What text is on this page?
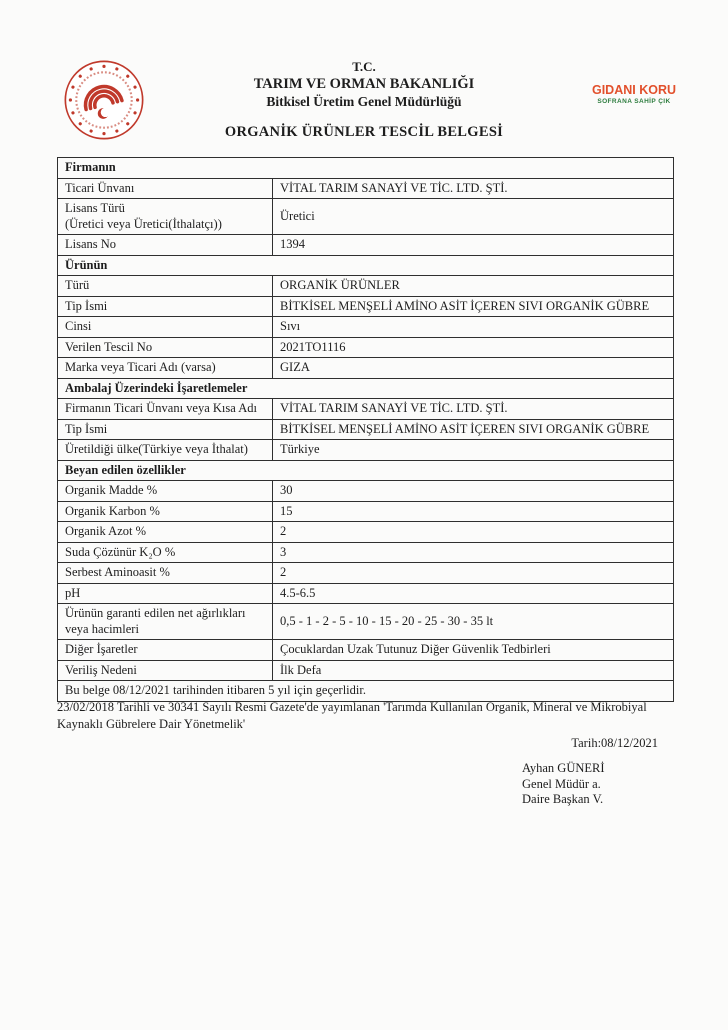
T.C.
TARIM VE ORMAN BAKANLIĞI
Bitkisel Üretim Genel Müdürlüğü
GIDANI KORU
SOFRANA SAHİP ÇIK
ORGANİK ÜRÜNLER TESCİL BELGESİ
Firmanın	
Ticari Ünvanı	VİTAL TARIM SANAYİ VE TİC. LTD. ŞTİ.
Lisans Türü
(Üretici veya Üretici(İthalatçı))	Üretici
Lisans No	1394
Ürünün	
Türü	ORGANİK ÜRÜNLER
Tip İsmi	BİTKİSEL MENŞELİ AMİNO ASİT İÇEREN SIVI ORGANİK GÜBRE
Cinsi	Sıvı
Verilen Tescil No	2021TO1116
Marka veya Ticari Adı (varsa)	GIZA
Ambalaj Üzerindeki İşaretlemeler	
Firmanın Ticari Ünvanı veya Kısa Adı	VİTAL TARIM SANAYİ VE TİC. LTD. ŞTİ.
Tip İsmi	BİTKİSEL MENŞELİ AMİNO ASİT İÇEREN SIVI ORGANİK GÜBRE
Üretildiği ülke(Türkiye veya İthalat)	Türkiye
Beyan edilen özellikler	
Organik Madde %	30
Organik Karbon %	15
Organik Azot %	2
Suda Çözünür K₂O %	3
Serbest Aminoasit %	2
pH	4.5-6.5
Ürünün garanti edilen net ağırlıkları veya hacimleri	0,5 - 1 - 2 - 5 - 10 - 15 - 20 - 25 - 30 - 35 lt
Diğer İşaretler	Çocuklardan Uzak Tutunuz Diğer Güvenlik Tedbirleri
Veriliş Nedeni	İlk Defa
Bu belge 08/12/2021 tarihinden itibaren 5 yıl için geçerlidir.	
23/02/2018 Tarihli ve 30341 Sayılı Resmi Gazete'de yayımlanan 'Tarımda Kullanılan Organik, Mineral ve Mikrobiyal Kaynaklı Gübrelere Dair Yönetmelik'
Tarih:08/12/2021
Ayhan GÜNERİ
Genel Müdür a.
Daire Başkan V.
